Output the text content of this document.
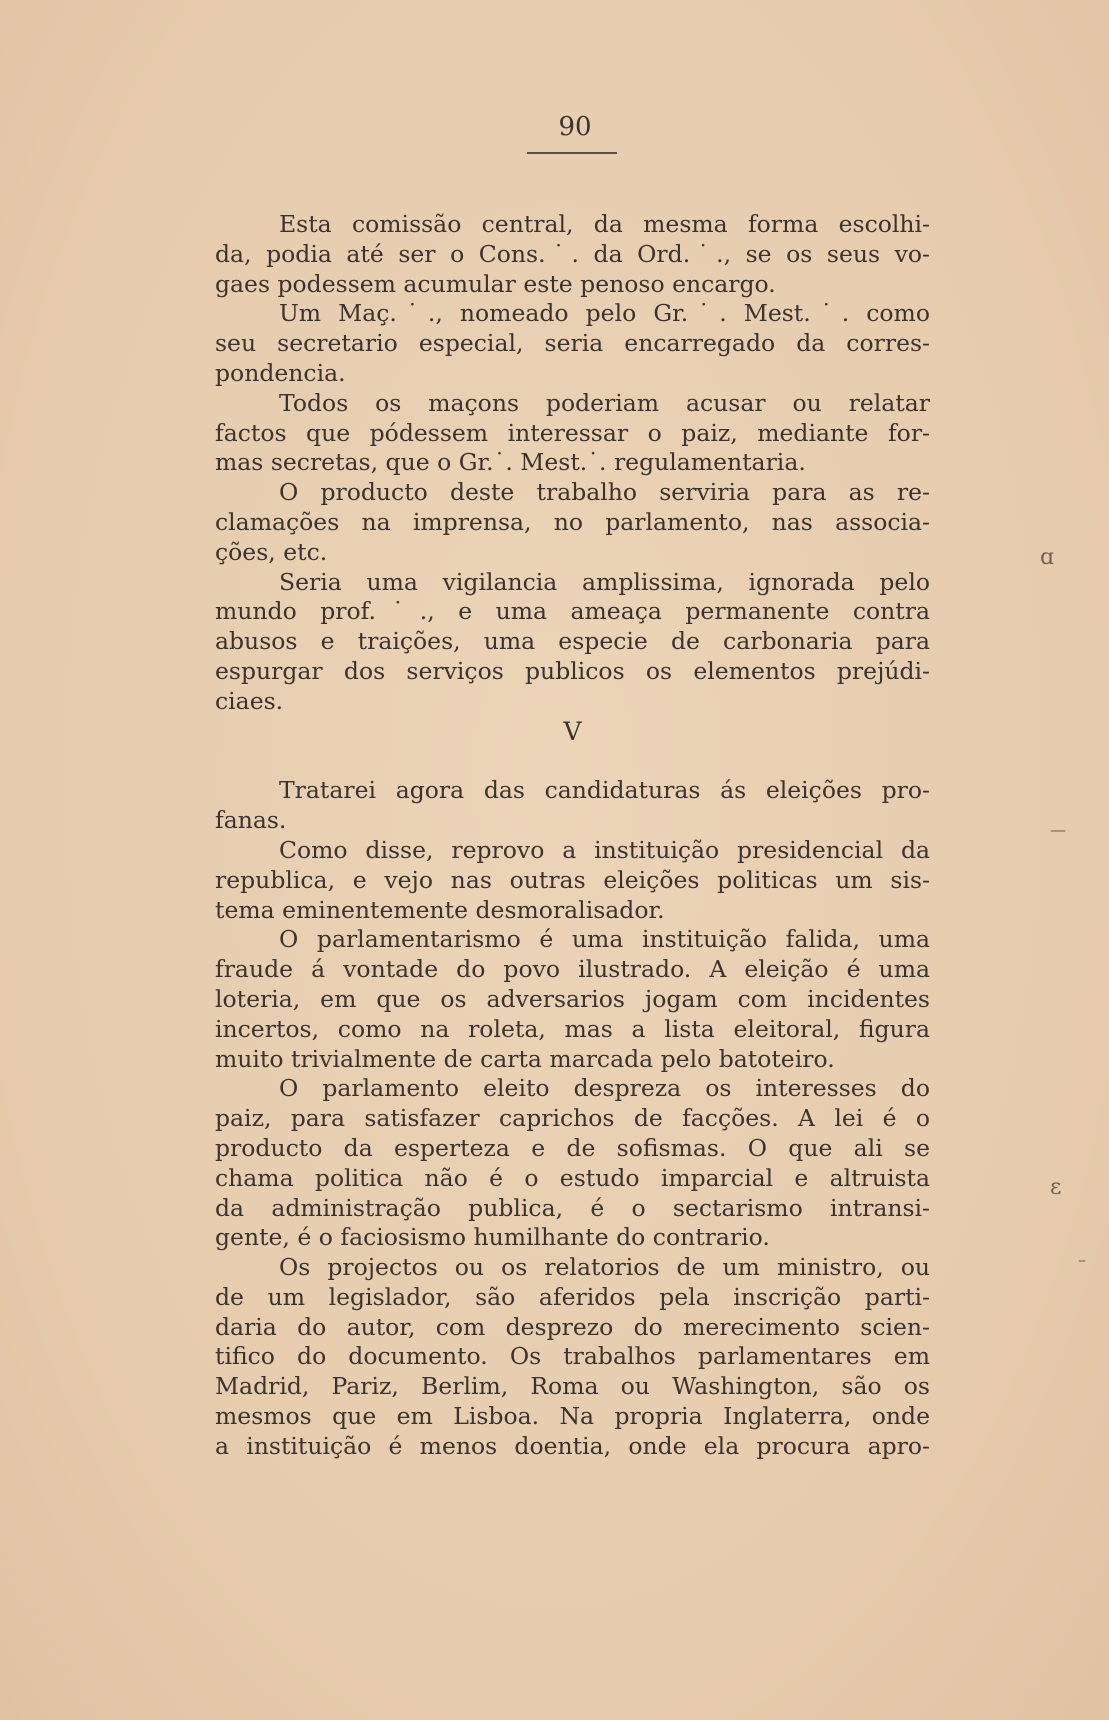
90
Esta comissão central, da mesma forma escolhi-
da, podia até ser o Cons.˙. da Ord.˙., se os seus vo-
gaes podessem acumular este penoso encargo.
Um Maç.˙., nomeado pelo Gr.˙. Mest.˙. como
seu secretario especial, seria encarregado da corres-
pondencia.
Todos os maçons poderiam acusar ou relatar
factos que pódessem interessar o paiz, mediante for-
mas secretas, que o Gr.˙. Mest.˙. regulamentaria.
O producto deste trabalho serviria para as re-
clamações na imprensa, no parlamento, nas associa-
ções, etc.
Seria uma vigilancia amplissima, ignorada pelo
mundo prof.˙., e uma ameaça permanente contra
abusos e traições, uma especie de carbonaria para
espurgar dos serviços publicos os elementos prejúdi-
ciaes.
V
Tratarei agora das candidaturas ás eleições pro-
fanas.
Como disse, reprovo a instituição presidencial da
republica, e vejo nas outras eleições politicas um sis-
tema eminentemente desmoralisador.
O parlamentarismo é uma instituição falida, uma
fraude á vontade do povo ilustrado. A eleição é uma
loteria, em que os adversarios jogam com incidentes
incertos, como na roleta, mas a lista eleitoral, figura
muito trivialmente de carta marcada pelo batoteiro.
O parlamento eleito despreza os interesses do
paiz, para satisfazer caprichos de facções. A lei é o
producto da esperteza e de sofismas. O que ali se
chama politica não é o estudo imparcial e altruista
da administração publica, é o sectarismo intransi-
gente, é o faciosismo humilhante do contrario.
Os projectos ou os relatorios de um ministro, ou
de um legislador, são aferidos pela inscrição parti-
daria do autor, com desprezo do merecimento scien-
tifico do documento. Os trabalhos parlamentares em
Madrid, Pariz, Berlim, Roma ou Washington, são os
mesmos que em Lisboa. Na propria Inglaterra, onde
a instituição é menos doentia, onde ela procura apro-
ɑ
—
ɛ
–
